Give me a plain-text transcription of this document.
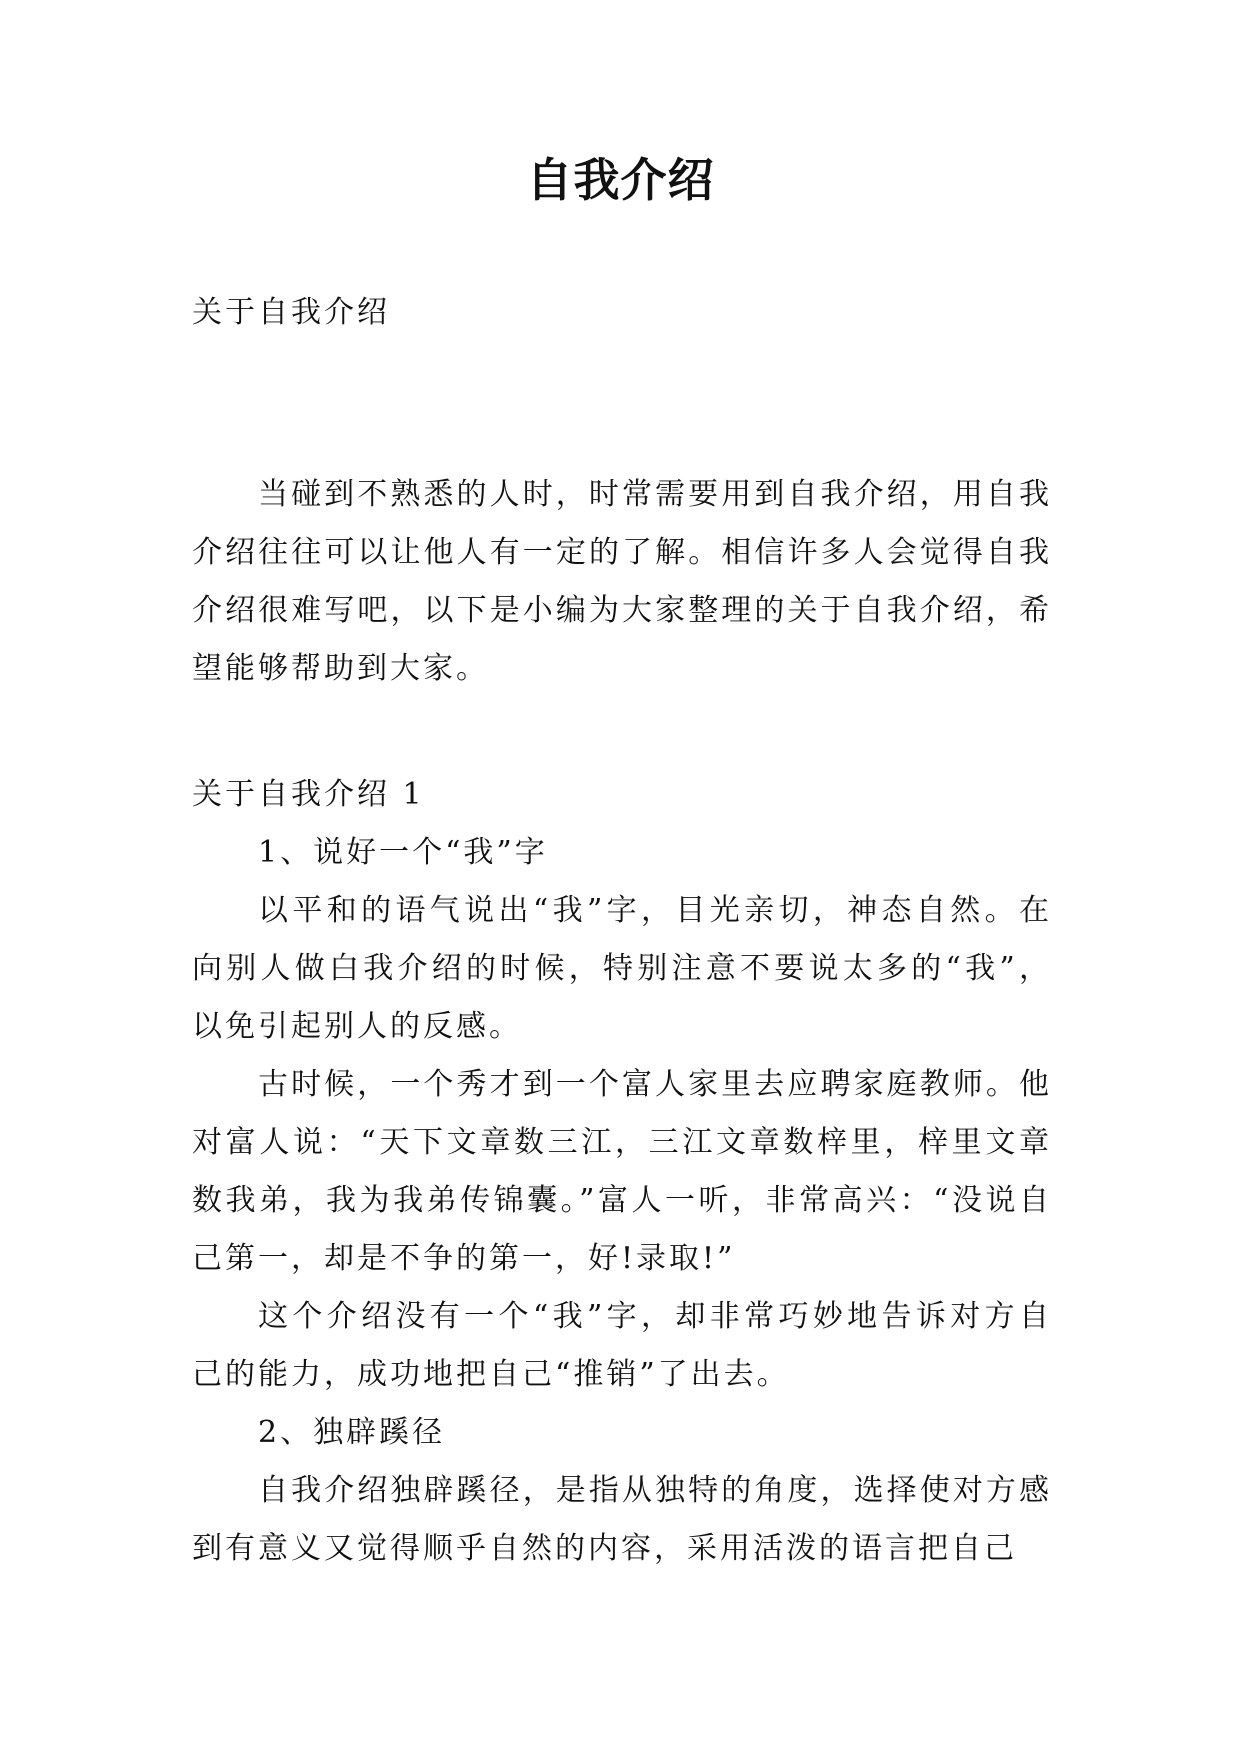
自我介绍
关于自我介绍

当碰到不熟悉的人时，时常需要用到自我介绍，用自我介绍往往可以让他人有一定的了解。相信许多人会觉得自我介绍很难写吧，以下是小编为大家整理的关于自我介绍，希望能够帮助到大家。

关于自我介绍 1

1、说好一个“我”字

以平和的语气说出“我”字，目光亲切，神态自然。在向别人做白我介绍的时候，特别注意不要说太多的“我”，以免引起别人的反感。

古时候，一个秀才到一个富人家里去应聘家庭教师。他对富人说：“天下文章数三江，三江文章数梓里，梓里文章数我弟，我为我弟传锦囊。”富人一听，非常高兴：“没说自己第一，却是不争的第一，好!录取!”

这个介绍没有一个“我”字，却非常巧妙地告诉对方自己的能力，成功地把自己“推销”了出去。

2、独辟蹊径

自我介绍独辟蹊径，是指从独特的角度，选择使对方感到有意义又觉得顺乎自然的内容，采用活泼的语言把自己
